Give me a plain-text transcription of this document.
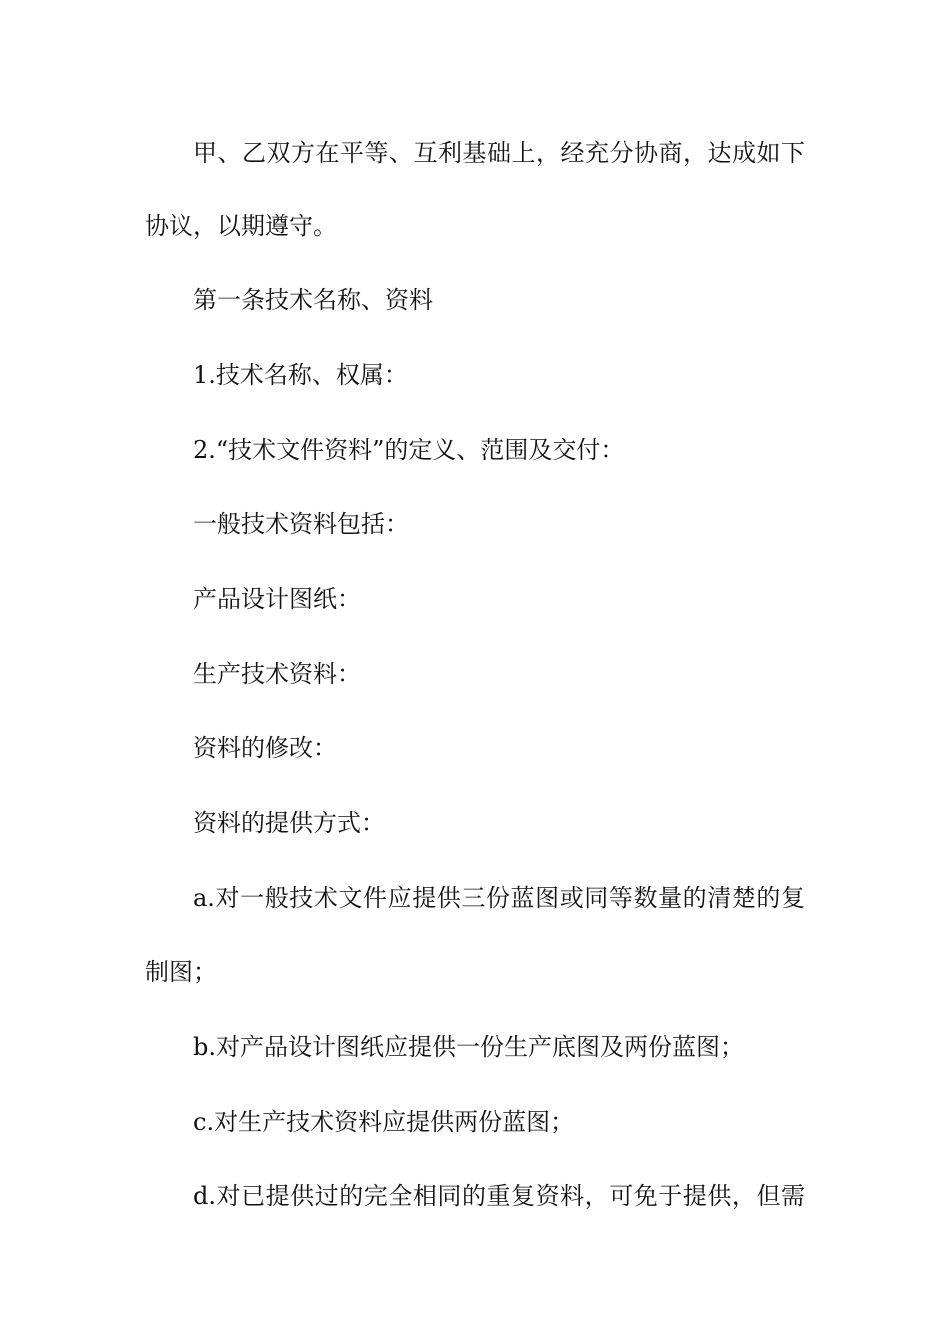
甲、乙双方在平等、互利基础上，经充分协商，达成如下
协议，以期遵守。
第一条技术名称、资料
1.技术名称、权属：
2.“技术文件资料”的定义、范围及交付：
一般技术资料包括：
产品设计图纸：
生产技术资料：
资料的修改：
资料的提供方式：
a.对一般技术文件应提供三份蓝图或同等数量的清楚的复
制图；
b.对产品设计图纸应提供一份生产底图及两份蓝图；
c.对生产技术资料应提供两份蓝图；
d.对已提供过的完全相同的重复资料，可免于提供，但需
